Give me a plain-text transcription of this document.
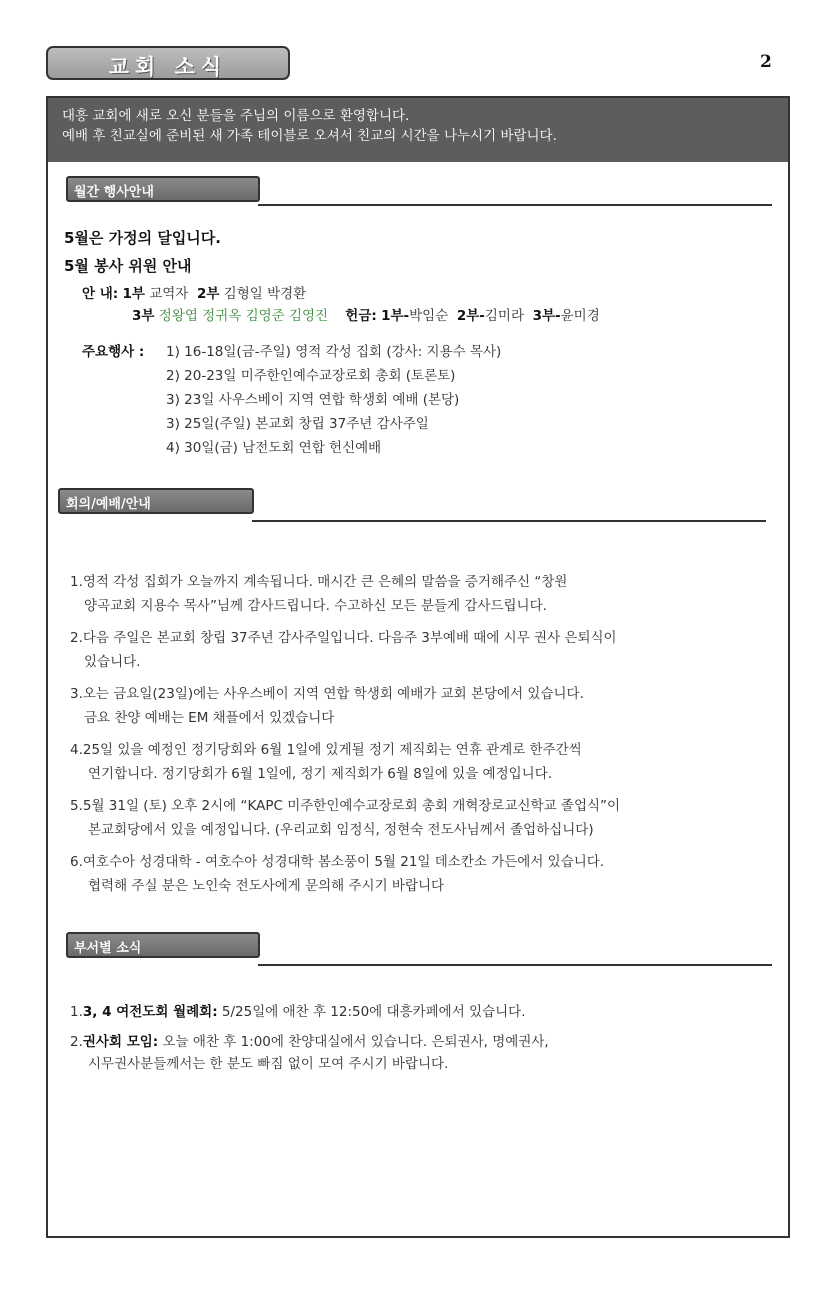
교회 소식	2
대흥 교회에 새로 오신 분들을 주님의 이름으로 환영합니다.
예배 후 친교실에 준비된 새 가족 테이블로 오셔서 친교의 시간을 나누시기 바랍니다.
월간 행사안내
5월은 가정의 달입니다.
5월 봉사 위원 안내
안 내: 1부 교역자 2부 김형일 박경환
3부 정왕엽 정귀옥 김영준 김영진 헌금: 1부-박임순 2부-김미라 3부-윤미경
주요행사 : 1) 16-18일(금-주일) 영적 각성 집회 (강사: 지용수 목사)
2) 20-23일 미주한인예수교장로회 총회 (토론토)
3) 23일 사우스베이 지역 연합 학생회 예배 (본당)
3) 25일(주일) 본교회 창립 37주년 감사주일
4) 30일(금) 남전도회 연합 헌신예배
회의/예배/안내
1.영적 각성 집회가 오늘까지 계속됩니다. 매시간 큰 은혜의 말씀을 증거해주신 “창원
양곡교회 지용수 목사”님께 감사드립니다. 수고하신 모든 분들게 감사드립니다.
2.다음 주일은 본교회 창립 37주년 감사주일입니다. 다음주 3부예배 때에 시무 권사 은퇴식이
있습니다.
3.오는 금요일(23일)에는 사우스베이 지역 연합 학생회 예배가 교회 본당에서 있습니다.
금요 찬양 예배는 EM 채플에서 있겠습니다
4.25일 있을 예정인 정기당회와 6월 1일에 있게될 정기 제직회는 연휴 관계로 한주간씩
연기합니다. 정기당회가 6월 1일에, 정기 제직회가 6월 8일에 있을 예정입니다.
5.5월 31일 (토) 오후 2시에 “KAPC 미주한인예수교장로회 총회 개혁장로교신학교 졸업식”이
본교회당에서 있을 예정입니다. (우리교회 임정식, 정현숙 전도사님께서 졸업하십니다)
6.여호수아 성경대학 - 여호수아 성경대학 봄소풍이 5월 21일 데소칸소 가든에서 있습니다.
협력해 주실 분은 노인숙 전도사에게 문의해 주시기 바랍니다
부서별 소식
1.3, 4 여전도회 월례회: 5/25일에 애찬 후 12:50에 대흥카페에서 있습니다.
2.권사회 모임: 오늘 애찬 후 1:00에 찬양대실에서 있습니다. 은퇴권사, 명예권사,
시무권사분들께서는 한 분도 빠짐 없이 모여 주시기 바랍니다.
